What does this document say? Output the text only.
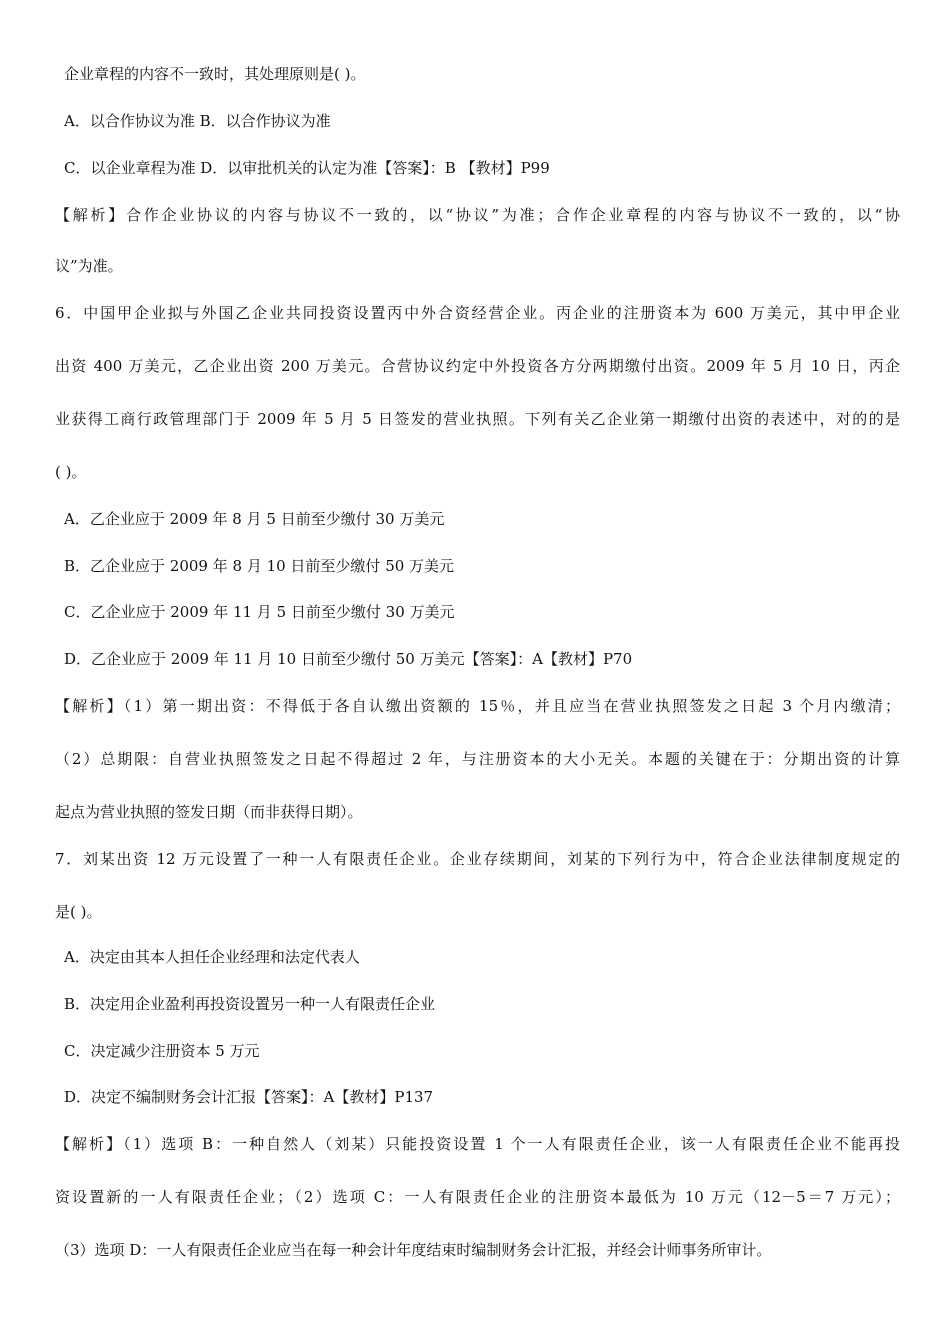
企业章程的内容不一致时，其处理原则是( )。
A．以合作协议为准 B．以合作协议为准
C．以企业章程为准 D．以审批机关的认定为准【答案】：B 【教材】P99
【解析】合作企业协议的内容与协议不一致的，以“协议”为准；合作企业章程的内容与协议不一致的，以“协
议”为准。
6．中国甲企业拟与外国乙企业共同投资设置丙中外合资经营企业。丙企业的注册资本为 600 万美元，其中甲企业
出资 400 万美元，乙企业出资 200 万美元。合营协议约定中外投资各方分两期缴付出资。2009 年 5 月 10 日，丙企
业获得工商行政管理部门于 2009 年 5 月 5 日签发的营业执照。下列有关乙企业第一期缴付出资的表述中，对的的是
( )。
A．乙企业应于 2009 年 8 月 5 日前至少缴付 30 万美元
B．乙企业应于 2009 年 8 月 10 日前至少缴付 50 万美元
C．乙企业应于 2009 年 11 月 5 日前至少缴付 30 万美元
D．乙企业应于 2009 年 11 月 10 日前至少缴付 50 万美元【答案】：A【教材】P70
【解析】（1）第一期出资：不得低于各自认缴出资额的 15％，并且应当在营业执照签发之日起 3 个月内缴清；
（2）总期限：自营业执照签发之日起不得超过 2 年，与注册资本的大小无关。本题的关键在于：分期出资的计算
起点为营业执照的签发日期（而非获得日期）。
7．刘某出资 12 万元设置了一种一人有限责任企业。企业存续期间，刘某的下列行为中，符合企业法律制度规定的
是( )。
A．决定由其本人担任企业经理和法定代表人
B．决定用企业盈利再投资设置另一种一人有限责任企业
C．决定减少注册资本 5 万元
D．决定不编制财务会计汇报【答案】：A【教材】P137
【解析】（1）选项 B：一种自然人（刘某）只能投资设置 1 个一人有限责任企业，该一人有限责任企业不能再投
资设置新的一人有限责任企业；（2）选项 C：一人有限责任企业的注册资本最低为 10 万元（12－5＝7 万元）；
（3）选项 D：一人有限责任企业应当在每一种会计年度结束时编制财务会计汇报，并经会计师事务所审计。
